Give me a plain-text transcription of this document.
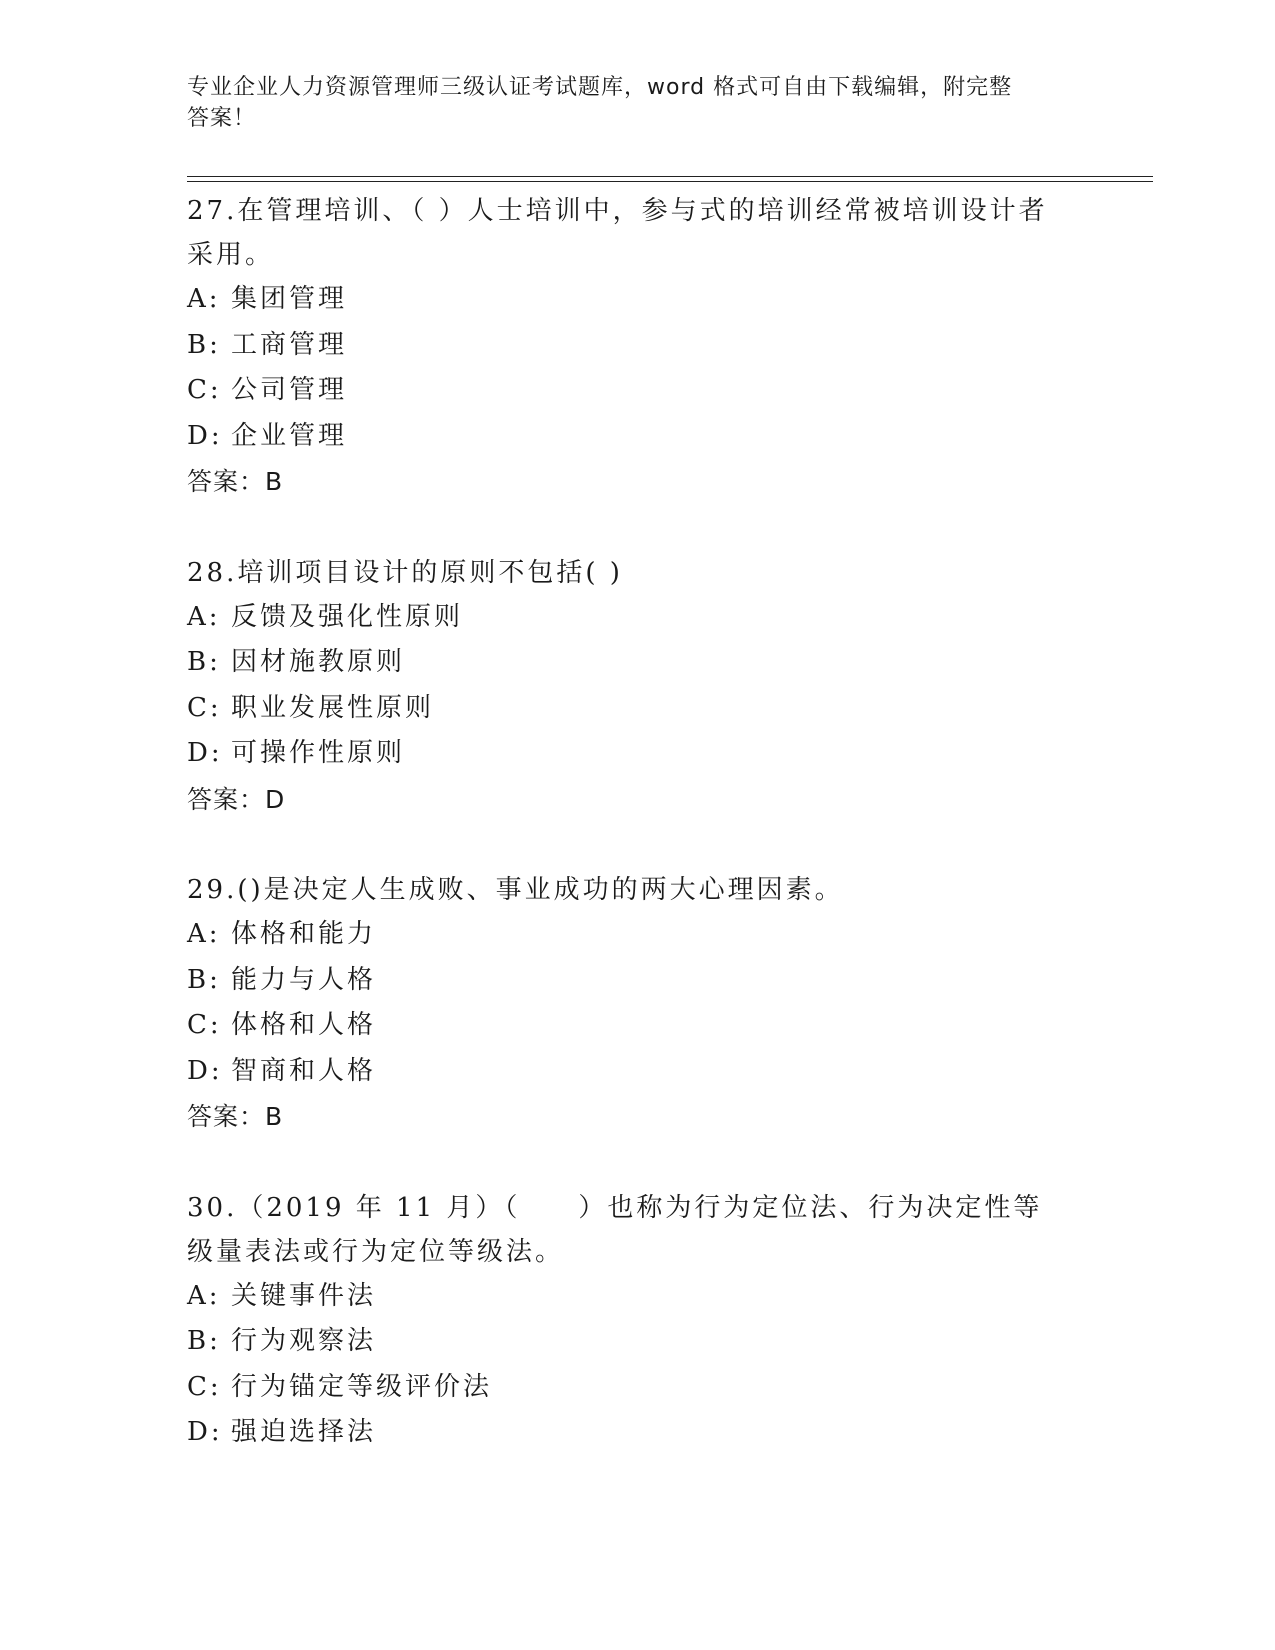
专业企业人力资源管理师三级认证考试题库，word 格式可自由下载编辑，附完整
答案！

27.在管理培训、（ ）人士培训中，参与式的培训经常被培训设计者采用。

A: 集团管理
B: 工商管理
C: 公司管理
D: 企业管理
答案：B

28.培训项目设计的原则不包括( )

A: 反馈及强化性原则
B: 因材施教原则
C: 职业发展性原则
D: 可操作性原则
答案：D

29.()是决定人生成败、事业成功的两大心理因素。

A: 体格和能力
B: 能力与人格
C: 体格和人格
D: 智商和人格
答案：B

30.（2019 年 11 月）（　　）也称为行为定位法、行为决定性等级量表法或行为定位等级法。

A: 关键事件法
B: 行为观察法
C: 行为锚定等级评价法
D: 强迫选择法
